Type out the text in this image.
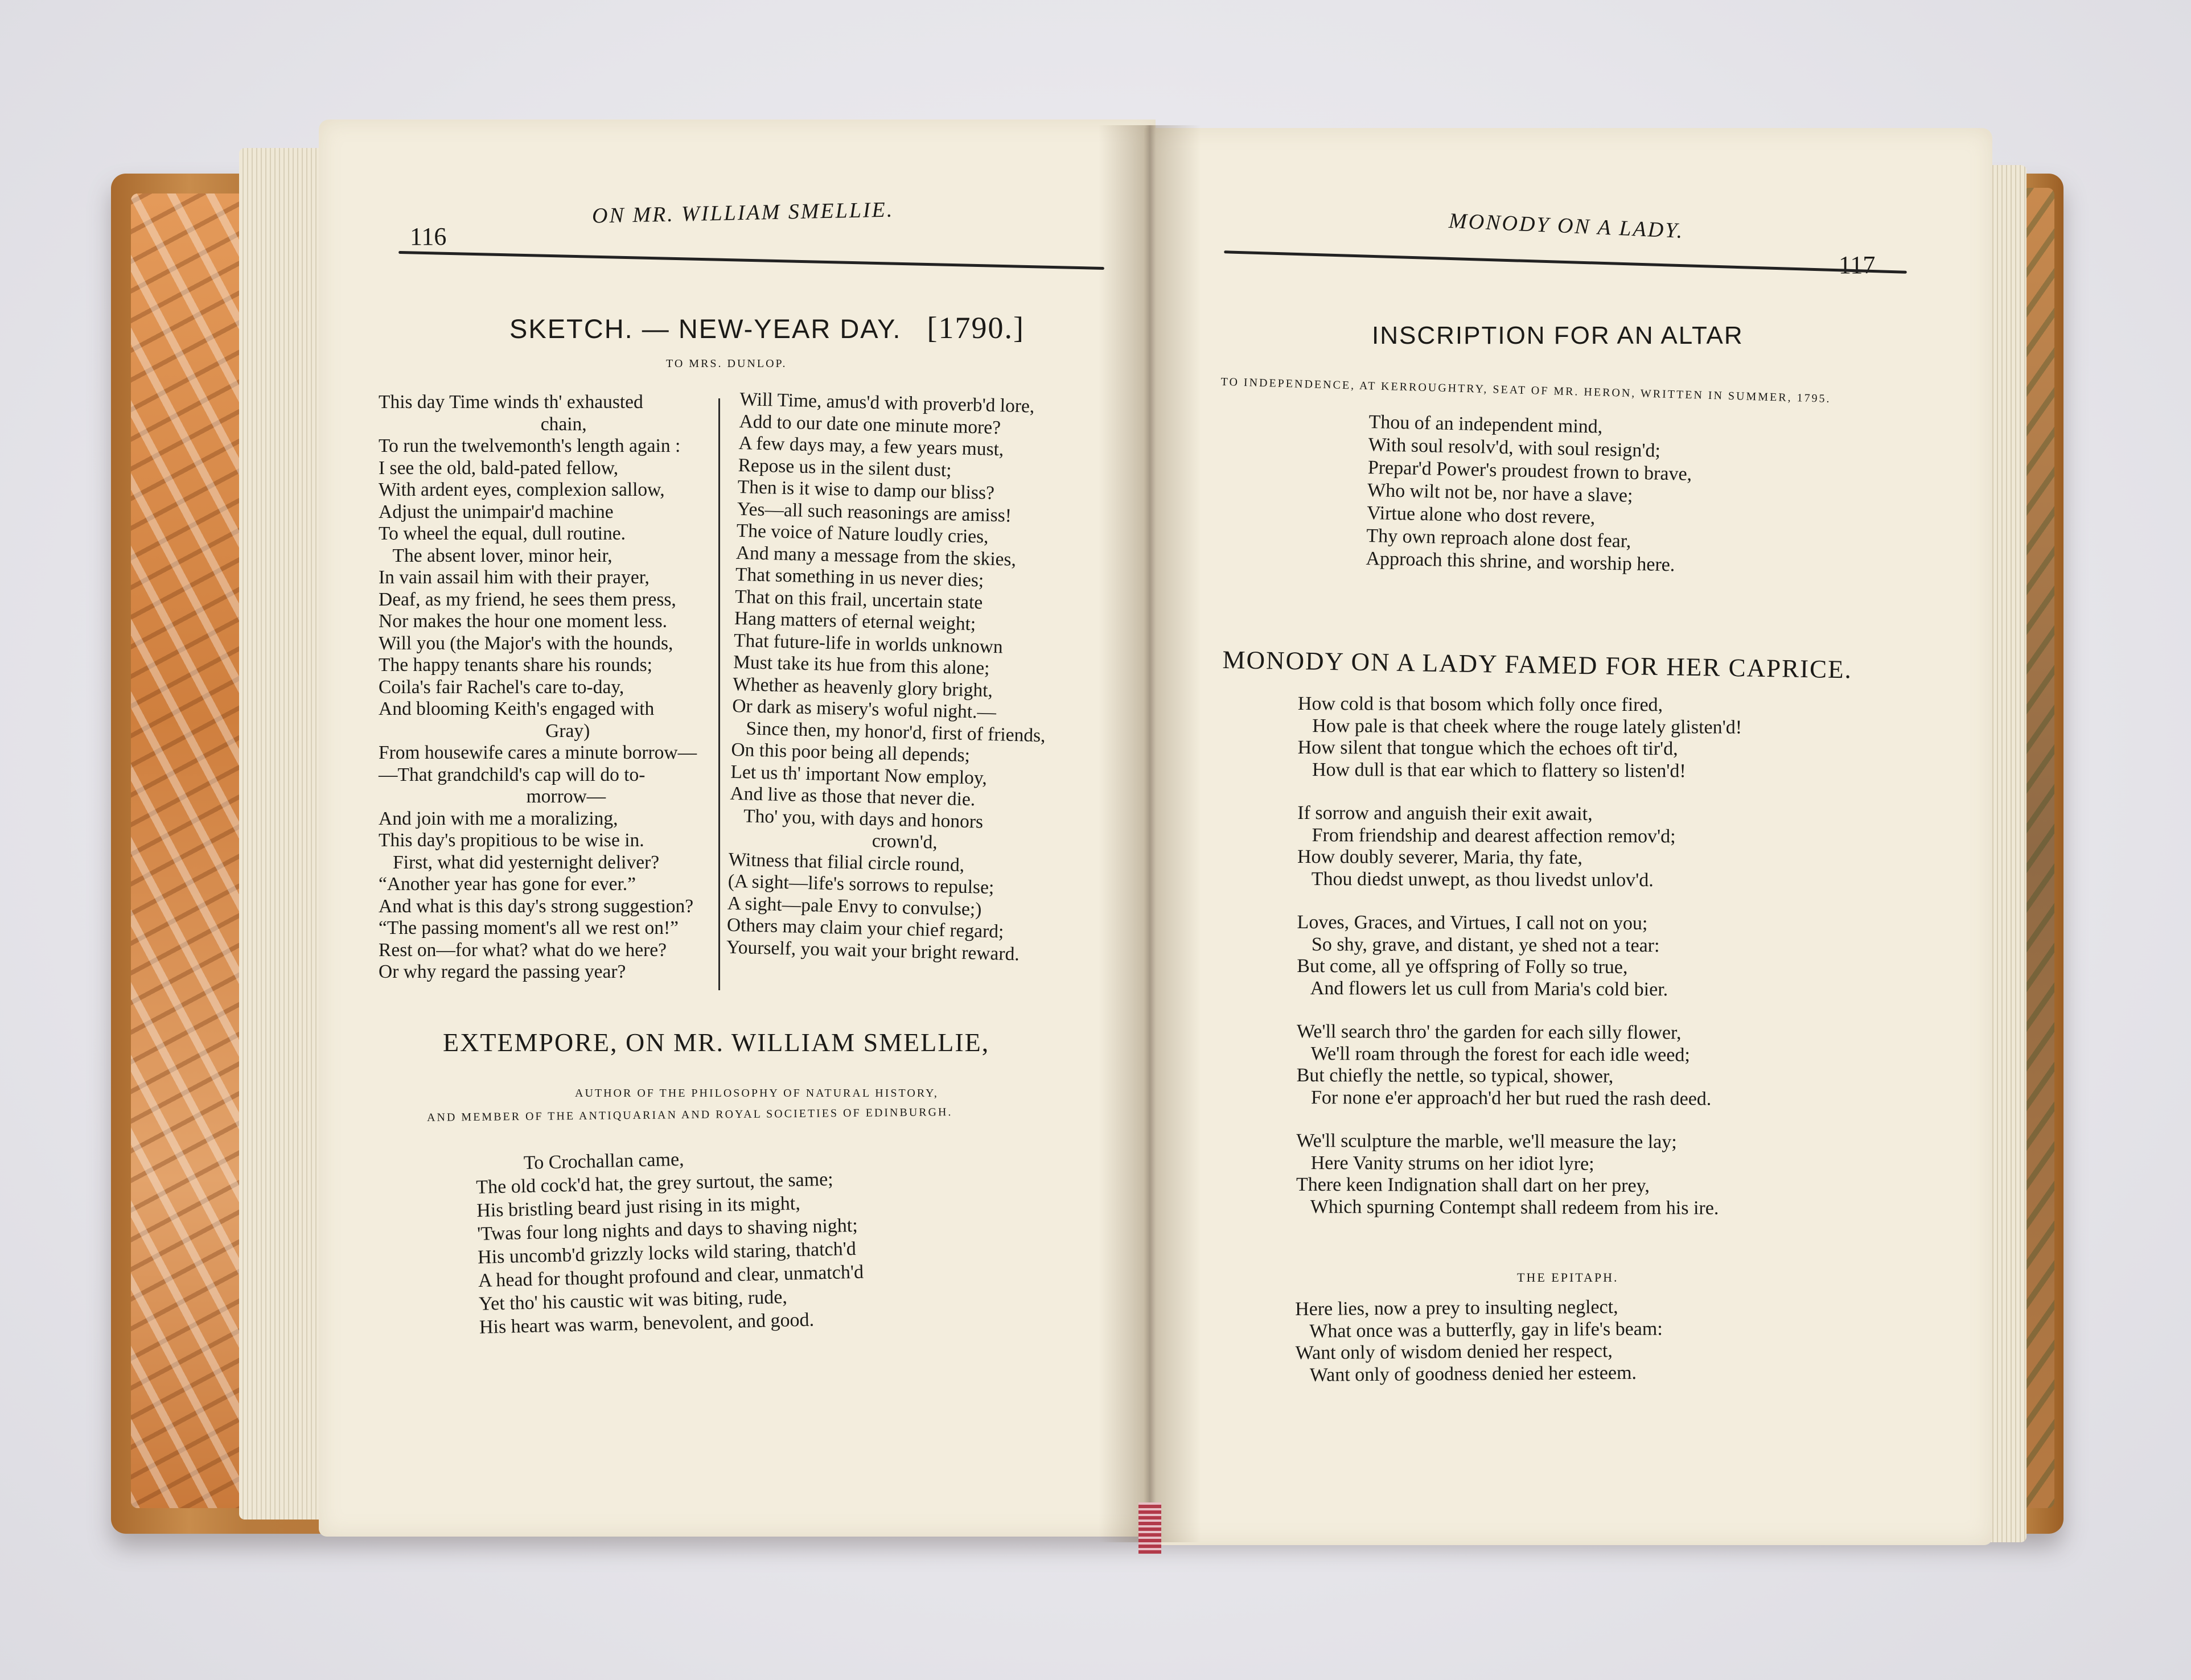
116
ON MR. WILLIAM SMELLIE.
SKETCH. — NEW-YEAR DAY. [1790.]
TO MRS. DUNLOP.
This day Time winds th' exhausted
chain,
To run the twelvemonth's length again :
I see the old, bald-pated fellow,
With ardent eyes, complexion sallow,
Adjust the unimpair'd machine
To wheel the equal, dull routine.
The absent lover, minor heir,
In vain assail him with their prayer,
Deaf, as my friend, he sees them press,
Nor makes the hour one moment less.
Will you (the Major's with the hounds,
The happy tenants share his rounds;
Coila's fair Rachel's care to-day,
And blooming Keith's engaged with
Gray)
From housewife cares a minute borrow—
—That grandchild's cap will do to-
morrow—
And join with me a moralizing,
This day's propitious to be wise in.
First, what did yesternight deliver?
“Another year has gone for ever.”
And what is this day's strong suggestion?
“The passing moment's all we rest on!”
Rest on—for what? what do we here?
Or why regard the passing year?
Will Time, amus'd with proverb'd lore,
Add to our date one minute more?
A few days may, a few years must,
Repose us in the silent dust;
Then is it wise to damp our bliss?
Yes—all such reasonings are amiss!
The voice of Nature loudly cries,
And many a message from the skies,
That something in us never dies;
That on this frail, uncertain state
Hang matters of eternal weight;
That future-life in worlds unknown
Must take its hue from this alone;
Whether as heavenly glory bright,
Or dark as misery's woful night.—
Since then, my honor'd, first of friends,
On this poor being all depends;
Let us th' important Now employ,
And live as those that never die.
Tho' you, with days and honors
crown'd,
Witness that filial circle round,
(A sight—life's sorrows to repulse;
A sight—pale Envy to convulse;)
Others may claim your chief regard;
Yourself, you wait your bright reward.
EXTEMPORE, ON MR. WILLIAM SMELLIE,
AUTHOR OF THE PHILOSOPHY OF NATURAL HISTORY,
AND MEMBER OF THE ANTIQUARIAN AND ROYAL SOCIETIES OF EDINBURGH.
To Crochallan came,
The old cock'd hat, the grey surtout, the same;
His bristling beard just rising in its might,
'Twas four long nights and days to shaving night;
His uncomb'd grizzly locks wild staring, thatch'd
A head for thought profound and clear, unmatch'd
Yet tho' his caustic wit was biting, rude,
His heart was warm, benevolent, and good.
MONODY ON A LADY.
117
INSCRIPTION FOR AN ALTAR
TO INDEPENDENCE, AT KERROUGHTRY, SEAT OF MR. HERON, WRITTEN IN SUMMER, 1795.
Thou of an independent mind,
With soul resolv'd, with soul resign'd;
Prepar'd Power's proudest frown to brave,
Who wilt not be, nor have a slave;
Virtue alone who dost revere,
Thy own reproach alone dost fear,
Approach this shrine, and worship here.
MONODY ON A LADY FAMED FOR HER CAPRICE.
How cold is that bosom which folly once fired,
How pale is that cheek where the rouge lately glisten'd!
How silent that tongue which the echoes oft tir'd,
How dull is that ear which to flattery so listen'd!
If sorrow and anguish their exit await,
From friendship and dearest affection remov'd;
How doubly severer, Maria, thy fate,
Thou diedst unwept, as thou livedst unlov'd.
Loves, Graces, and Virtues, I call not on you;
So shy, grave, and distant, ye shed not a tear:
But come, all ye offspring of Folly so true,
And flowers let us cull from Maria's cold bier.
We'll search thro' the garden for each silly flower,
We'll roam through the forest for each idle weed;
But chiefly the nettle, so typical, shower,
For none e'er approach'd her but rued the rash deed.
We'll sculpture the marble, we'll measure the lay;
Here Vanity strums on her idiot lyre;
There keen Indignation shall dart on her prey,
Which spurning Contempt shall redeem from his ire.
THE EPITAPH.
Here lies, now a prey to insulting neglect,
What once was a butterfly, gay in life's beam:
Want only of wisdom denied her respect,
Want only of goodness denied her esteem.
